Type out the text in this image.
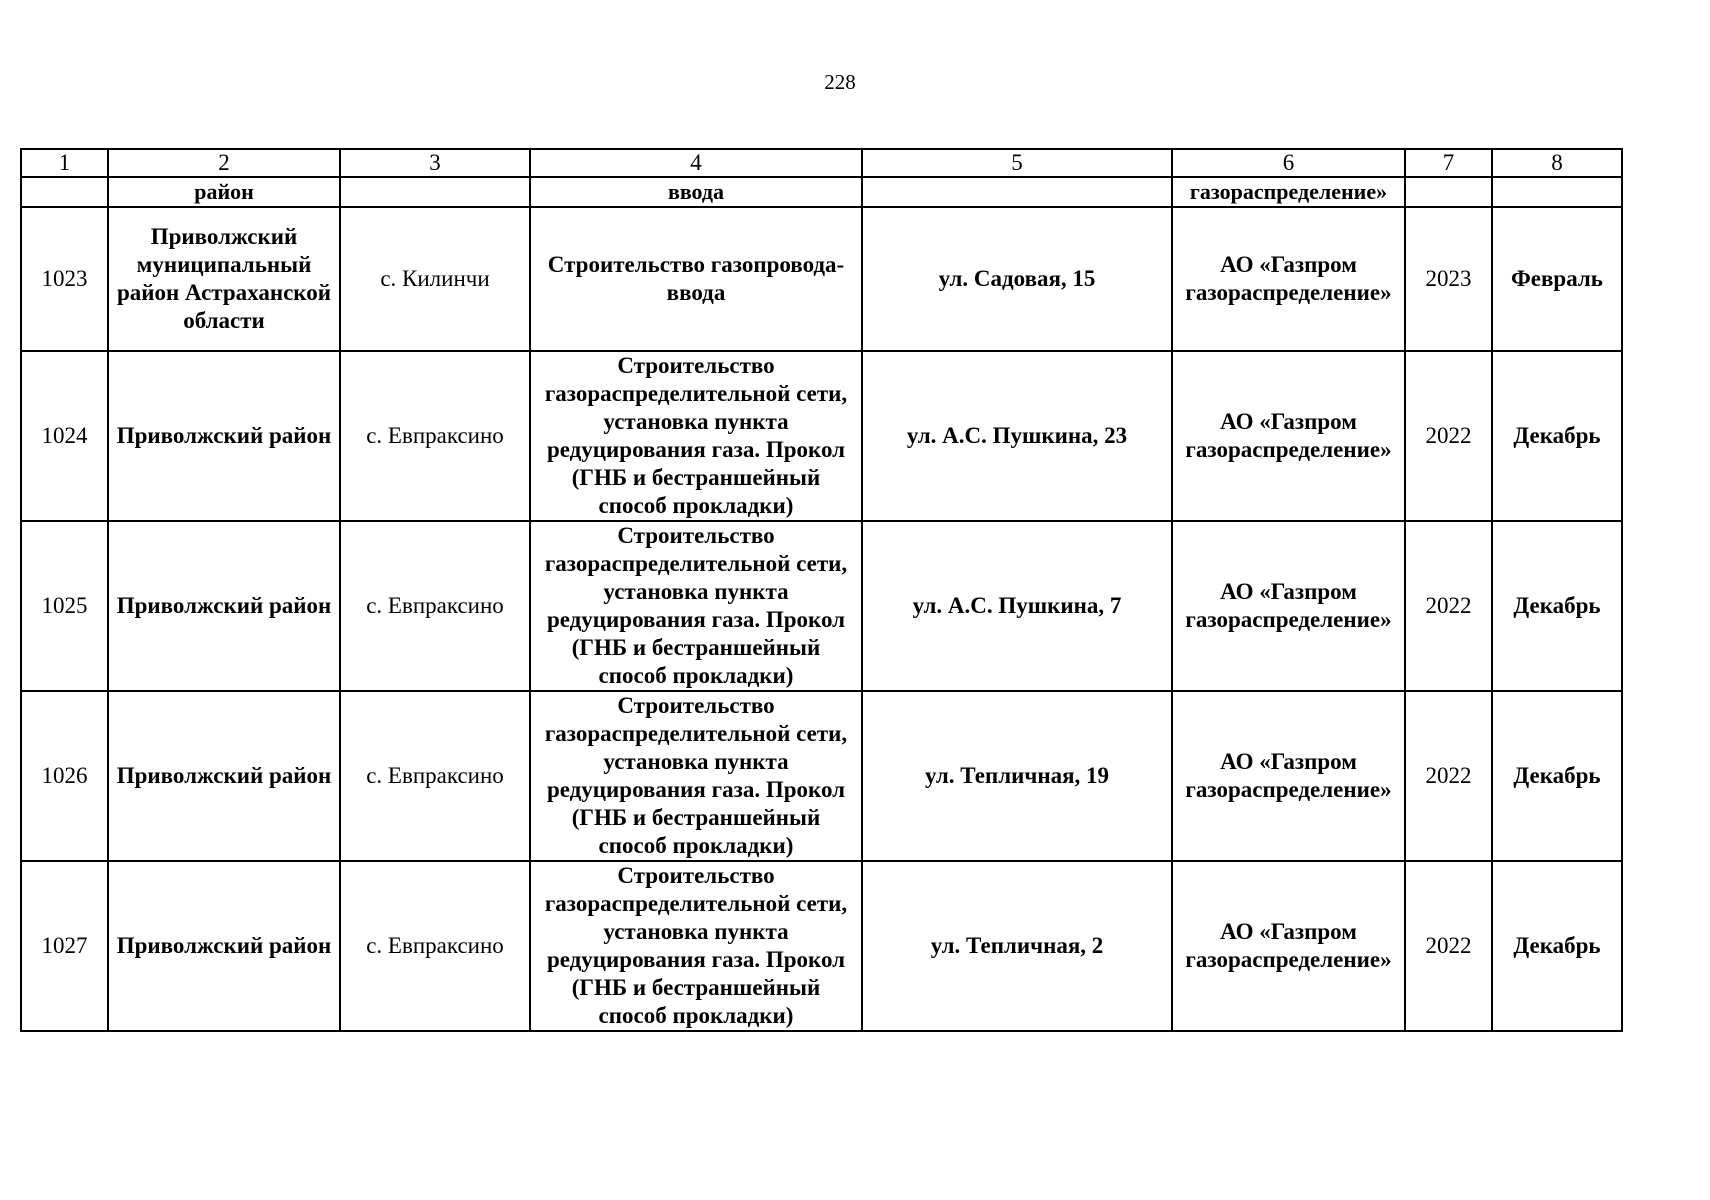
228
1	2	3	4	5	6	7	8
	район		ввода		газораспределение»		
1023	Приволжский муниципальный район Астраханской области	с. Килинчи	Строительство газопровода-ввода	ул. Садовая, 15	АО «Газпром газораспределение»	2023	Февраль
1024	Приволжский район	с. Евпраксино	Строительство газораспределительной сети, установка пункта редуцирования газа. Прокол (ГНБ и бестраншейный способ прокладки)	ул. А.С. Пушкина, 23	АО «Газпром газораспределение»	2022	Декабрь
1025	Приволжский район	с. Евпраксино	Строительство газораспределительной сети, установка пункта редуцирования газа. Прокол (ГНБ и бестраншейный способ прокладки)	ул. А.С. Пушкина, 7	АО «Газпром газораспределение»	2022	Декабрь
1026	Приволжский район	с. Евпраксино	Строительство газораспределительной сети, установка пункта редуцирования газа. Прокол (ГНБ и бестраншейный способ прокладки)	ул. Тепличная, 19	АО «Газпром газораспределение»	2022	Декабрь
1027	Приволжский район	с. Евпраксино	Строительство газораспределительной сети, установка пункта редуцирования газа. Прокол (ГНБ и бестраншейный способ прокладки)	ул. Тепличная, 2	АО «Газпром газораспределение»	2022	Декабрь
